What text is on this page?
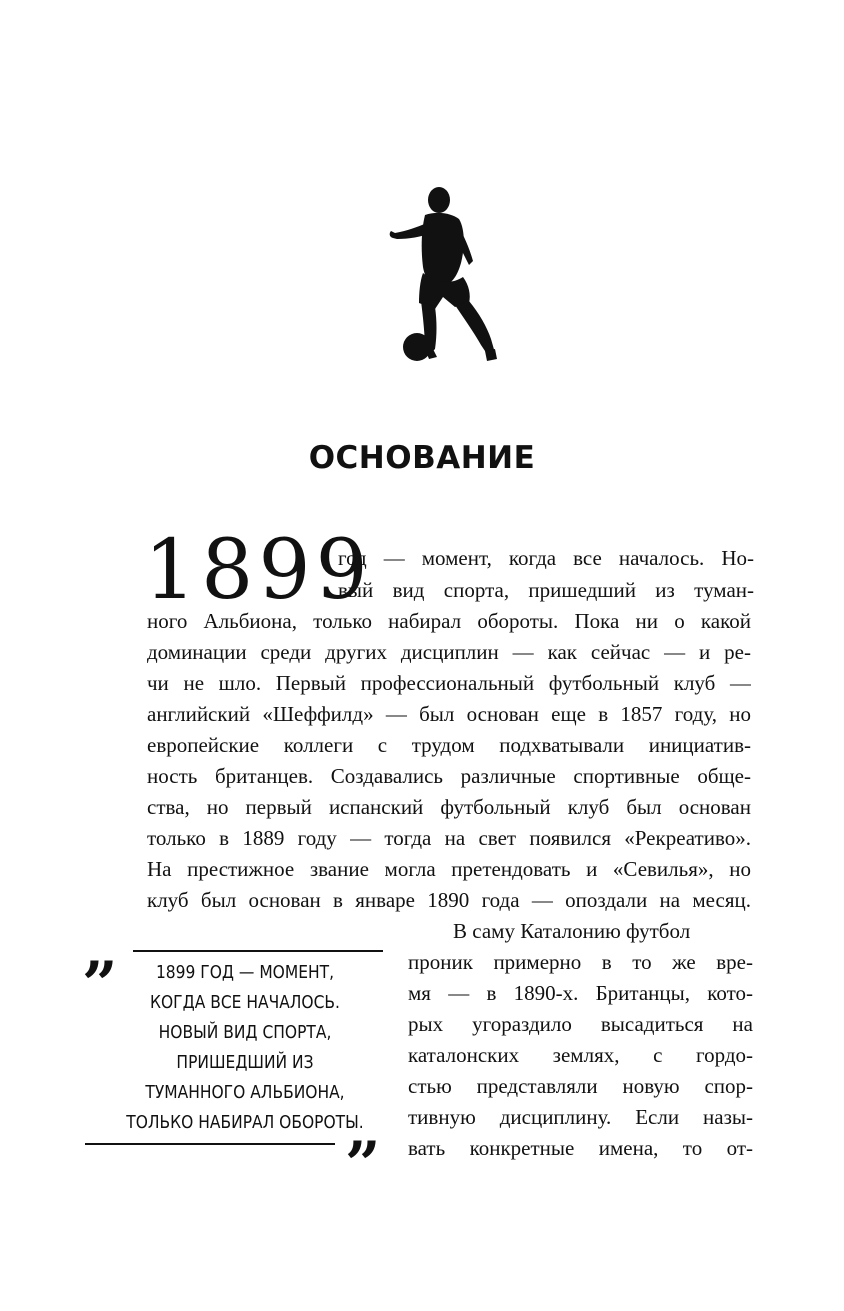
ОСНОВАНИЕ
1899
год — момент, когда все началось. Но-
вый вид спорта, пришедший из туман-
ного Альбиона, только набирал обороты. Пока ни о какой
доминации среди других дисциплин — как сейчас — и ре-
чи не шло. Первый профессиональный футбольный клуб —
английский «Шеффилд» — был основан еще в 1857 году, но
европейские коллеги с трудом подхватывали инициатив-
ность британцев. Создавались различные спортивные обще-
ства, но первый испанский футбольный клуб был основан
только в 1889 году — тогда на свет появился «Рекреативо».
На престижное звание могла претендовать и «Севилья», но
клуб был основан в январе 1890 года — опоздали на месяц.
В саму Каталонию футбол
проник примерно в то же вре-
мя — в 1890-х. Британцы, кото-
рых угораздило высадиться на
каталонских землях, с гордо-
стью представляли новую спор-
тивную дисциплину. Если назы-
вать конкретные имена, то от-
„	1899 ГОД — МОМЕНТ,
КОГДА ВСЕ НАЧАЛОСЬ.
НОВЫЙ ВИД СПОРТА,
ПРИШЕДШИЙ ИЗ
ТУМАННОГО АЛЬБИОНА,
ТОЛЬКО НАБИРАЛ ОБОРОТЫ.
„
